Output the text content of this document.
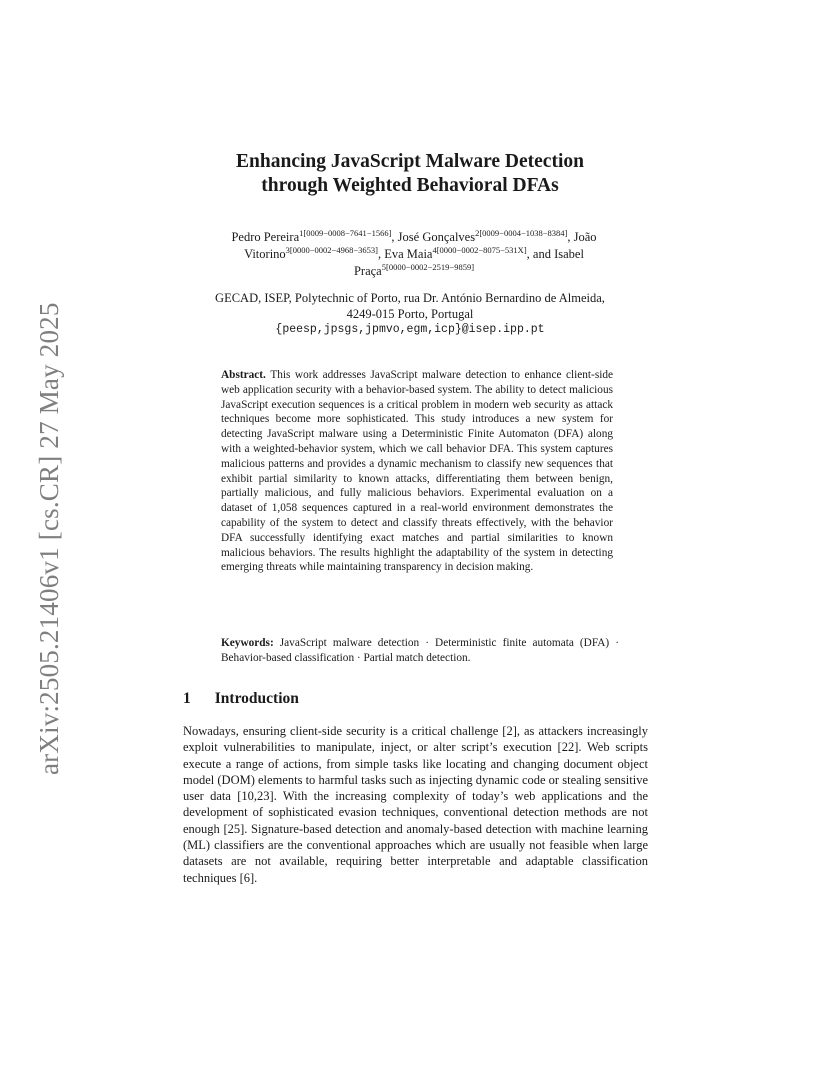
arXiv:2505.21406v1 [cs.CR] 27 May 2025
Enhancing JavaScript Malware Detection
through Weighted Behavioral DFAs
Pedro Pereira$^{1[0009-0008-7641-1566]}$, José Gonçalves$^{2[0009-0004-1038-8384]}$, João
Vitorino$^{3[0000-0002-4968-3653]}$, Eva Maia$^{4[0000-0002-8075-531X]}$, and Isabel
Praça$^{5[0000-0002-2519-9859]}$
GECAD, ISEP, Polytechnic of Porto, rua Dr. António Bernardino de Almeida,
4249-015 Porto, Portugal
{peesp,jpsgs,jpmvo,egm,icp}@isep.ipp.pt
Abstract. This work addresses JavaScript malware detection to enhance client-side web application security with a behavior-based system. The ability to detect malicious JavaScript execution sequences is a critical problem in modern web security as attack techniques become more sophisticated. This study introduces a new system for detecting JavaScript malware using a Deterministic Finite Automaton (DFA) along with a weighted-behavior system, which we call behavior DFA. This system captures malicious patterns and provides a dynamic mechanism to classify new sequences that exhibit partial similarity to known attacks, differentiating them between benign, partially malicious, and fully malicious behaviors. Experimental evaluation on a dataset of 1,058 sequences captured in a real-world environment demonstrates the capability of the system to detect and classify threats effectively, with the behavior DFA successfully identifying exact matches and partial similarities to known malicious behaviors. The results highlight the adaptability of the system in detecting emerging threats while maintaining transparency in decision making.
Keywords: JavaScript malware detection · Deterministic finite automata (DFA) · Behavior-based classification · Partial match detection.
1 Introduction
Nowadays, ensuring client-side security is a critical challenge [2], as attackers increasingly exploit vulnerabilities to manipulate, inject, or alter script’s execution [22]. Web scripts execute a range of actions, from simple tasks like locating and changing document object model (DOM) elements to harmful tasks such as injecting dynamic code or stealing sensitive user data [10,23]. With the increasing complexity of today’s web applications and the development of sophisticated evasion techniques, conventional detection methods are not enough [25]. Signature-based detection and anomaly-based detection with machine learning (ML) classifiers are the conventional approaches which are usually not feasible when large datasets are not available, requiring better interpretable and adaptable classification techniques [6].
